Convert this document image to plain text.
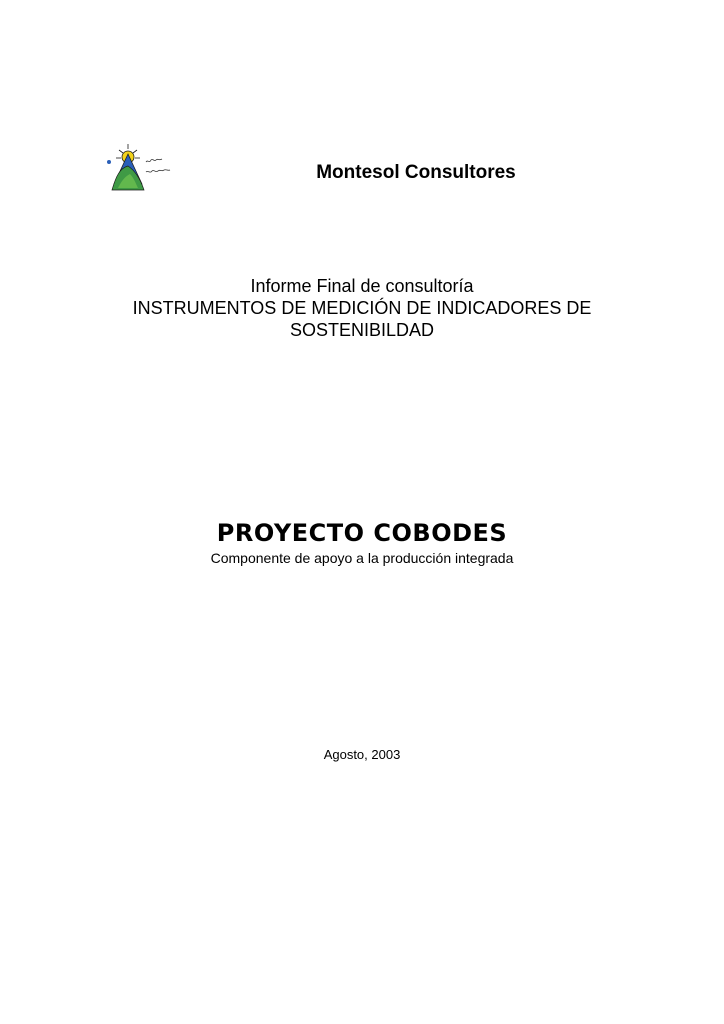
Montesol Consultores
Informe Final de consultoría
INSTRUMENTOS DE MEDICIÓN DE INDICADORES DE
SOSTENIBILDAD
PROYECTO COBODES
Componente de apoyo a la producción integrada
Agosto, 2003
